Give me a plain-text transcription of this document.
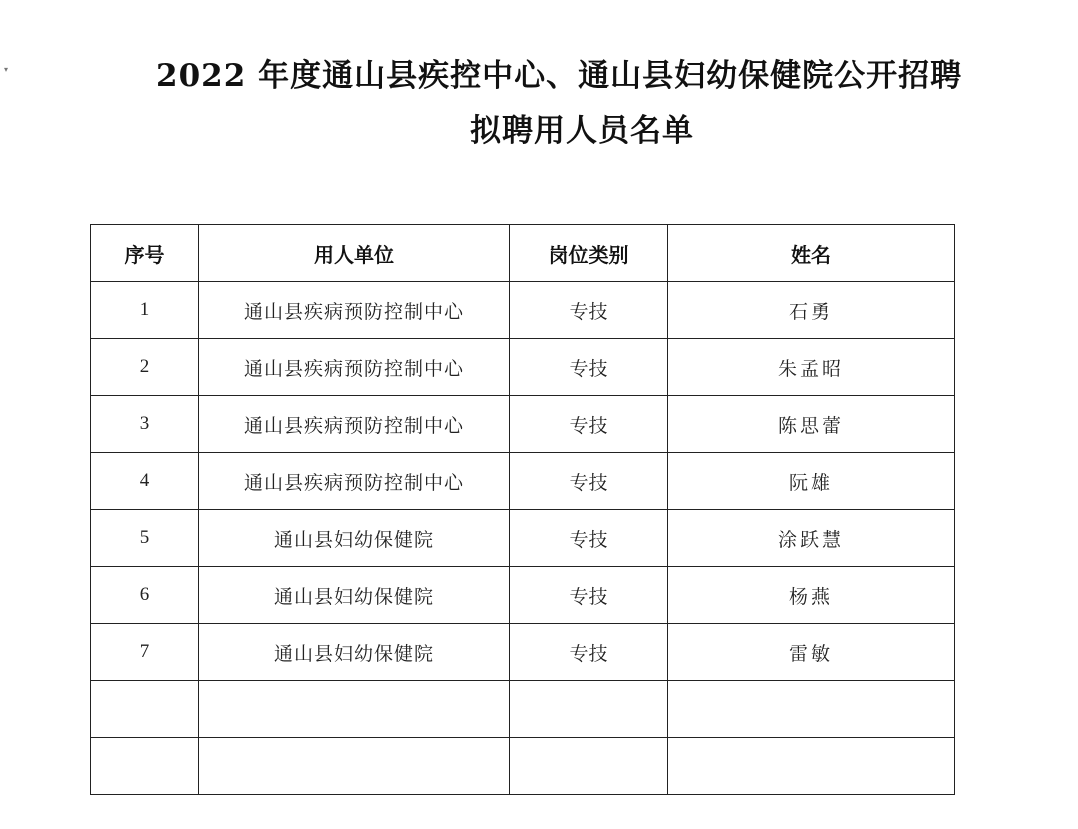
▾	2022 年度通山县疾控中心、通山县妇幼保健院公开招聘
拟聘用人员名单
序号	用人单位	岗位类别	姓名
1	通山县疾病预防控制中心	专技	石勇
2	通山县疾病预防控制中心	专技	朱孟昭
3	通山县疾病预防控制中心	专技	陈思蕾
4	通山县疾病预防控制中心	专技	阮雄
5	通山县妇幼保健院	专技	涂跃慧
6	通山县妇幼保健院	专技	杨燕
7	通山县妇幼保健院	专技	雷敏
